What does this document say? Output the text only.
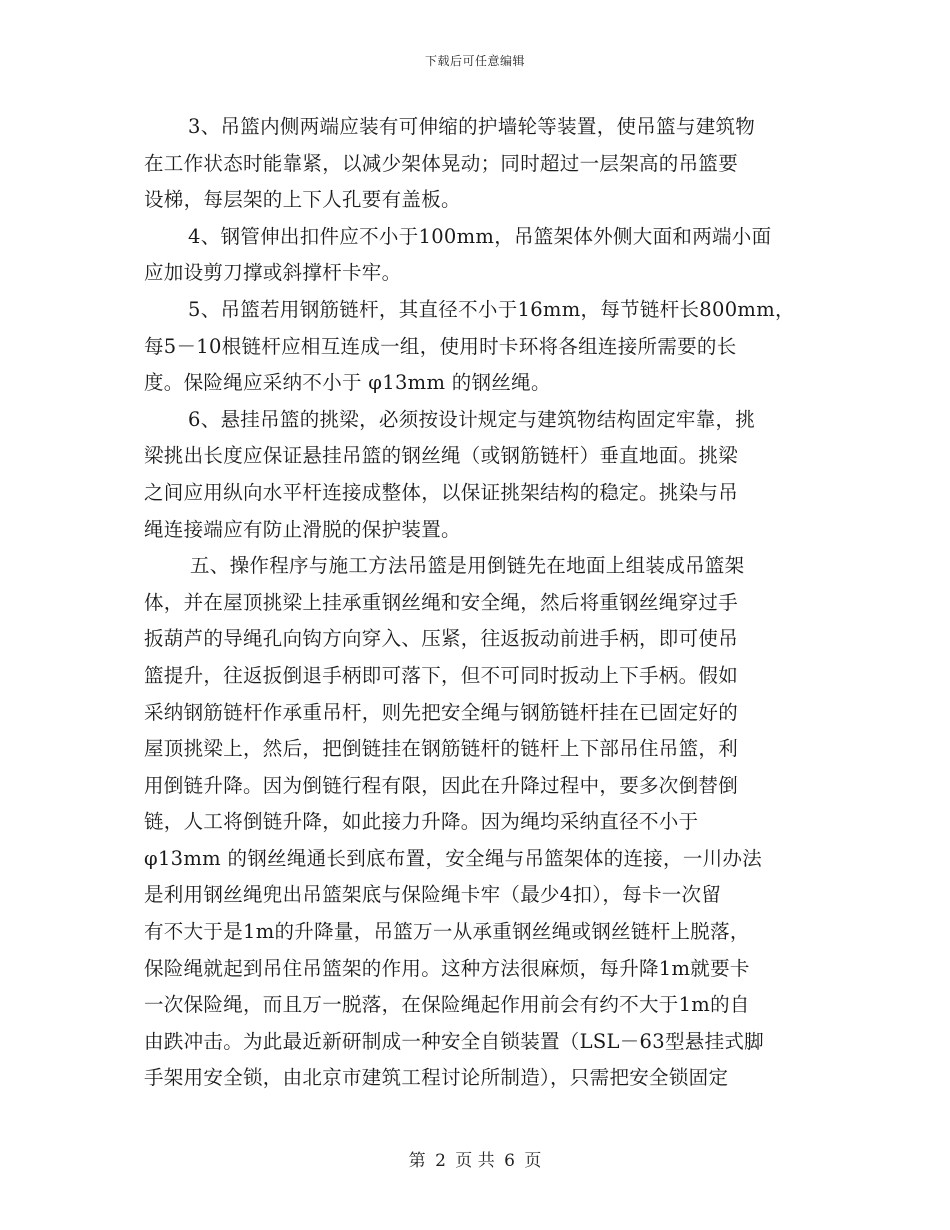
下载后可任意编辑

3、吊篮内侧两端应装有可伸缩的护墙轮等装置，使吊篮与建筑物
在工作状态时能靠紧，以减少架体晃动；同时超过一层架高的吊篮要
设梯，每层架的上下人孔要有盖板。

4、钢管伸出扣件应不小于100mm，吊篮架体外侧大面和两端小面
应加设剪刀撑或斜撑杆卡牢。

5、吊篮若用钢筋链杆，其直径不小于16mm，每节链杆长800mm，
每5－10根链杆应相互连成一组，使用时卡环将各组连接所需要的长
度。保险绳应采纳不小于 φ13mm 的钢丝绳。

6、悬挂吊篮的挑梁，必须按设计规定与建筑物结构固定牢靠，挑
梁挑出长度应保证悬挂吊篮的钢丝绳（或钢筋链杆）垂直地面。挑梁
之间应用纵向水平杆连接成整体，以保证挑架结构的稳定。挑染与吊
绳连接端应有防止滑脱的保护装置。

五、操作程序与施工方法吊篮是用倒链先在地面上组装成吊篮架
体，并在屋顶挑梁上挂承重钢丝绳和安全绳，然后将重钢丝绳穿过手
扳葫芦的导绳孔向钩方向穿入、压紧，往返扳动前进手柄，即可使吊
篮提升，往返扳倒退手柄即可落下，但不可同时扳动上下手柄。假如
采纳钢筋链杆作承重吊杆，则先把安全绳与钢筋链杆挂在已固定好的
屋顶挑梁上，然后，把倒链挂在钢筋链杆的链杆上下部吊住吊篮，利
用倒链升降。因为倒链行程有限，因此在升降过程中，要多次倒替倒
链，人工将倒链升降，如此接力升降。因为绳均采纳直径不小于
φ13mm 的钢丝绳通长到底布置，安全绳与吊篮架体的连接，一川办法
是利用钢丝绳兜出吊篮架底与保险绳卡牢（最少4扣），每卡一次留
有不大于是1m的升降量，吊篮万一从承重钢丝绳或钢丝链杆上脱落，
保险绳就起到吊住吊篮架的作用。这种方法很麻烦，每升降1m就要卡
一次保险绳，而且万一脱落，在保险绳起作用前会有约不大于1m的自
由跌冲击。为此最近新研制成一种安全自锁装置（LSL－63型悬挂式脚
手架用安全锁，由北京市建筑工程讨论所制造），只需把安全锁固定

第 2 页 共 6 页
